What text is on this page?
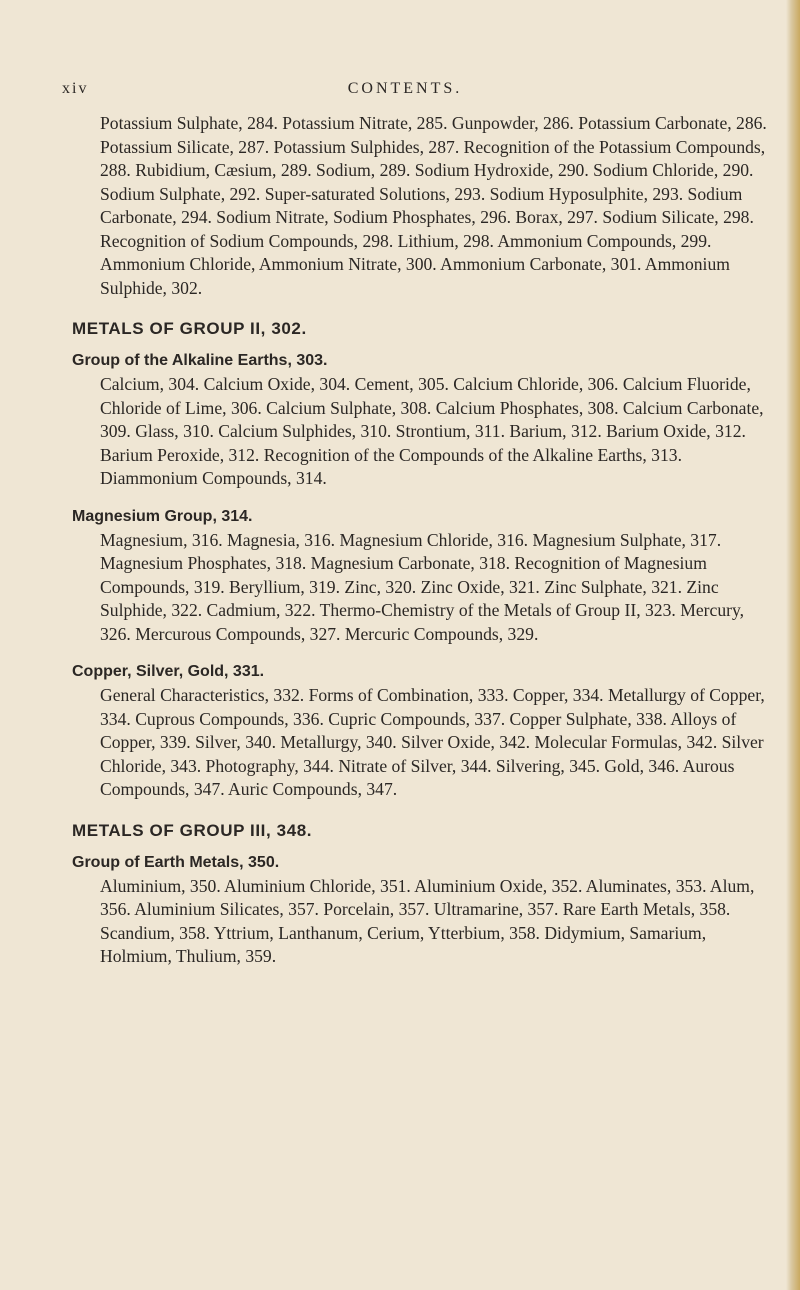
xiv	CONTENTS.

Potassium Sulphate, 284. Potassium Nitrate, 285. Gunpowder, 286. Potassium Carbonate, 286. Potassium Silicate, 287. Potassium Sulphides, 287. Recognition of the Potassium Compounds, 288. Rubidium, Cæsium, 289. Sodium, 289. Sodium Hydroxide, 290. Sodium Chloride, 290. Sodium Sulphate, 292. Super-saturated Solutions, 293. Sodium Hyposulphite, 293. Sodium Carbonate, 294. Sodium Nitrate, Sodium Phosphates, 296. Borax, 297. Sodium Silicate, 298. Recognition of Sodium Compounds, 298. Lithium, 298. Ammonium Compounds, 299. Ammonium Chloride, Ammonium Nitrate, 300. Ammonium Carbonate, 301. Ammonium Sulphide, 302.

METALS OF GROUP II, 302.

Group of the Alkaline Earths, 303.

Calcium, 304. Calcium Oxide, 304. Cement, 305. Calcium Chloride, 306. Calcium Fluoride, Chloride of Lime, 306. Calcium Sulphate, 308. Calcium Phosphates, 308. Calcium Carbonate, 309. Glass, 310. Calcium Sulphides, 310. Strontium, 311. Barium, 312. Barium Oxide, 312. Barium Peroxide, 312. Recognition of the Compounds of the Alkaline Earths, 313. Diammonium Compounds, 314.

Magnesium Group, 314.

Magnesium, 316. Magnesia, 316. Magnesium Chloride, 316. Magnesium Sulphate, 317. Magnesium Phosphates, 318. Magnesium Carbonate, 318. Recognition of Magnesium Compounds, 319. Beryllium, 319. Zinc, 320. Zinc Oxide, 321. Zinc Sulphate, 321. Zinc Sulphide, 322. Cadmium, 322. Thermo-Chemistry of the Metals of Group II, 323. Mercury, 326. Mercurous Compounds, 327. Mercuric Compounds, 329.

Copper, Silver, Gold, 331.

General Characteristics, 332. Forms of Combination, 333. Copper, 334. Metallurgy of Copper, 334. Cuprous Compounds, 336. Cupric Compounds, 337. Copper Sulphate, 338. Alloys of Copper, 339. Silver, 340. Metallurgy, 340. Silver Oxide, 342. Molecular Formulas, 342. Silver Chloride, 343. Photography, 344. Nitrate of Silver, 344. Silvering, 345. Gold, 346. Aurous Compounds, 347. Auric Compounds, 347.

METALS OF GROUP III, 348.

Group of Earth Metals, 350.

Aluminium, 350. Aluminium Chloride, 351. Aluminium Oxide, 352. Aluminates, 353. Alum, 356. Aluminium Silicates, 357. Porcelain, 357. Ultramarine, 357. Rare Earth Metals, 358. Scandium, 358. Yttrium, Lanthanum, Cerium, Ytterbium, 358. Didymium, Samarium, Holmium, Thulium, 359.
